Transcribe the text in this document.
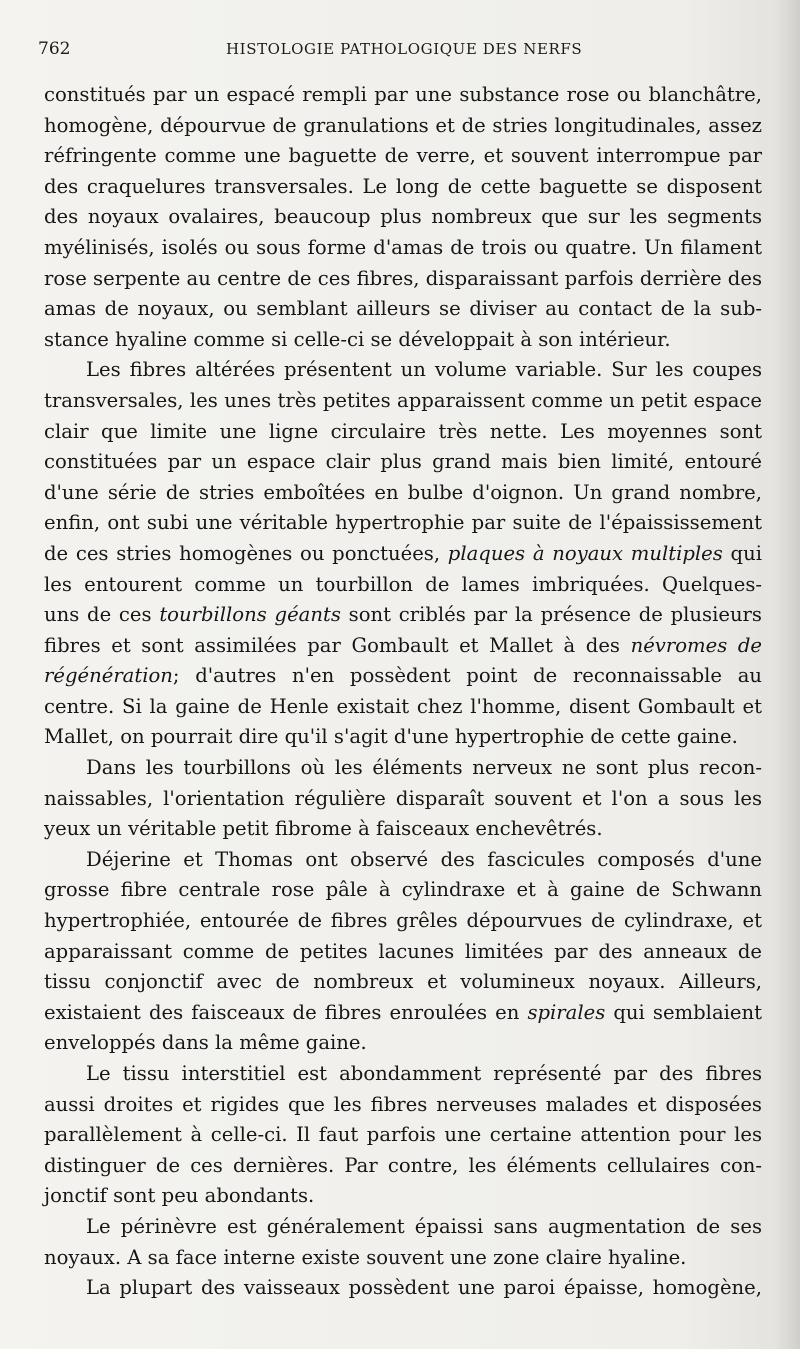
762	HISTOLOGIE PATHOLOGIQUE DES NERFS
constitués par un espacé rempli par une substance rose ou blanchâtre,
homogène, dépourvue de granulations et de stries longitudinales, assez
réfringente comme une baguette de verre, et souvent interrompue par
des craquelures transversales. Le long de cette baguette se disposent
des noyaux ovalaires, beaucoup plus nombreux que sur les segments
myélinisés, isolés ou sous forme d'amas de trois ou quatre. Un filament
rose serpente au centre de ces fibres, disparaissant parfois derrière des
amas de noyaux, ou semblant ailleurs se diviser au contact de la sub-
stance hyaline comme si celle-ci se développait à son intérieur.
Les fibres altérées présentent un volume variable. Sur les coupes
transversales, les unes très petites apparaissent comme un petit espace
clair que limite une ligne circulaire très nette. Les moyennes sont
constituées par un espace clair plus grand mais bien limité, entouré
d'une série de stries emboîtées en bulbe d'oignon. Un grand nombre,
enfin, ont subi une véritable hypertrophie par suite de l'épaississement
de ces stries homogènes ou ponctuées, plaques à noyaux multiples qui
les entourent comme un tourbillon de lames imbriquées. Quelques-
uns de ces tourbillons géants sont criblés par la présence de plusieurs
fibres et sont assimilées par Gombault et Mallet à des névromes de
régénération; d'autres n'en possèdent point de reconnaissable au
centre. Si la gaine de Henle existait chez l'homme, disent Gombault et
Mallet, on pourrait dire qu'il s'agit d'une hypertrophie de cette gaine.
Dans les tourbillons où les éléments nerveux ne sont plus recon-
naissables, l'orientation régulière disparaît souvent et l'on a sous les
yeux un véritable petit fibrome à faisceaux enchevêtrés.
Déjerine et Thomas ont observé des fascicules composés d'une
grosse fibre centrale rose pâle à cylindraxe et à gaine de Schwann
hypertrophiée, entourée de fibres grêles dépourvues de cylindraxe, et
apparaissant comme de petites lacunes limitées par des anneaux de
tissu conjonctif avec de nombreux et volumineux noyaux. Ailleurs,
existaient des faisceaux de fibres enroulées en spirales qui semblaient
enveloppés dans la même gaine.
Le tissu interstitiel est abondamment représenté par des fibres
aussi droites et rigides que les fibres nerveuses malades et disposées
parallèlement à celle-ci. Il faut parfois une certaine attention pour les
distinguer de ces dernières. Par contre, les éléments cellulaires con-
jonctif sont peu abondants.
Le périnèvre est généralement épaissi sans augmentation de ses
noyaux. A sa face interne existe souvent une zone claire hyaline.
La plupart des vaisseaux possèdent une paroi épaisse, homogène,
